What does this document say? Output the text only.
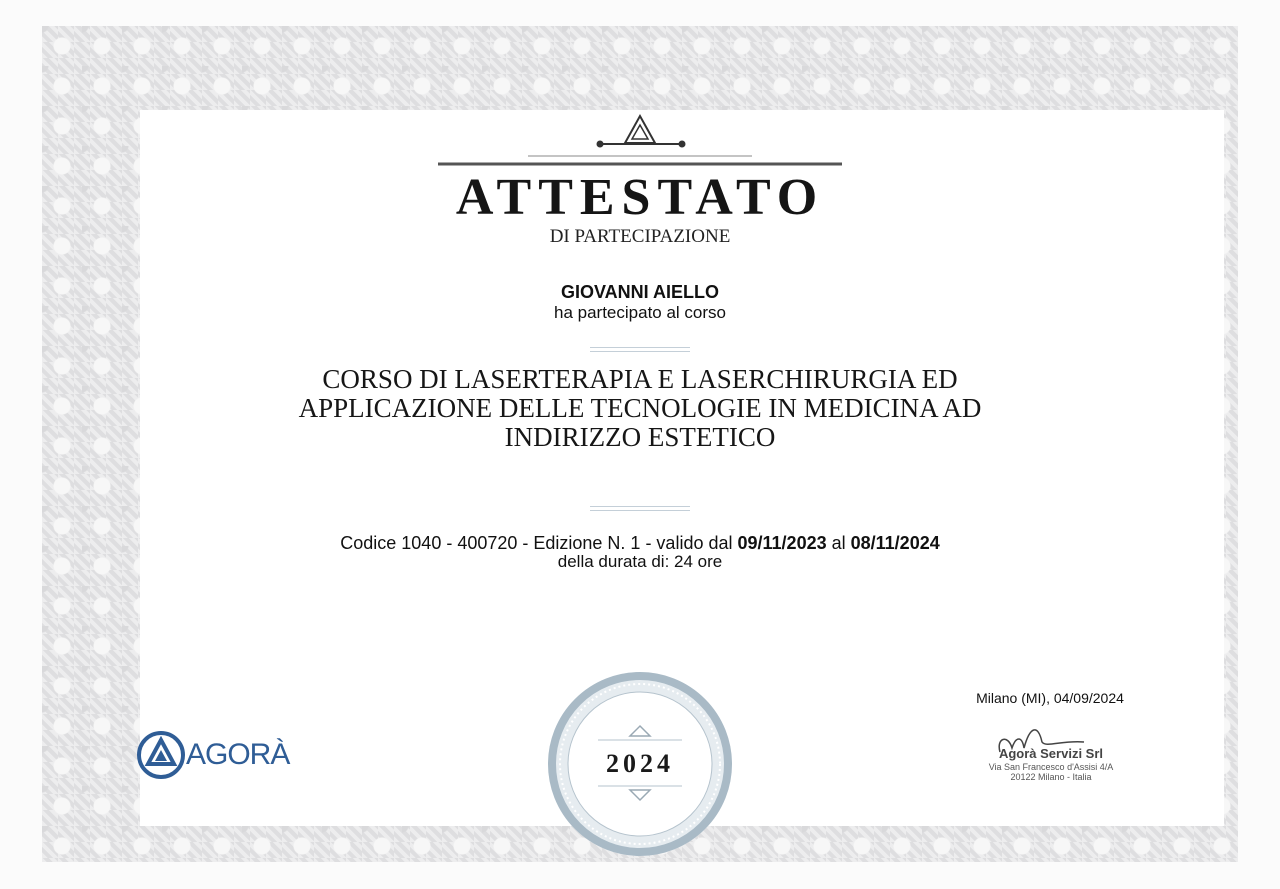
ATTESTATO
DI PARTECIPAZIONE
GIOVANNI AIELLO
ha partecipato al corso
CORSO DI LASERTERAPIA E LASERCHIRURGIA ED APPLICAZIONE DELLE TECNOLOGIE IN MEDICINA AD INDIRIZZO ESTETICO
Codice 1040 - 400720 - Edizione N. 1 - valido dal 09/11/2023 al 08/11/2024
della durata di: 24 ore
AGORÀ	2024
Milano (MI), 04/09/2024
Agorà Servizi Srl
Via San Francesco d'Assisi 4/A
20122 Milano - Italia
